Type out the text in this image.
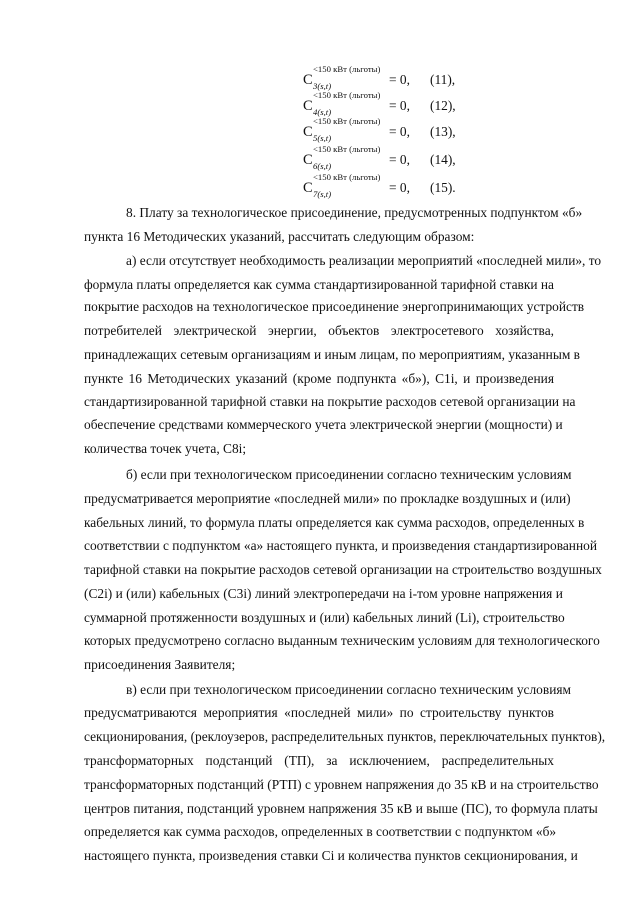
C
<150 кВт (льготы)
3(s,t)	= 0, (11),
C
<150 кВт (льготы)
4(s,t)	= 0, (12),
C
<150 кВт (льготы)
5(s,t)	= 0, (13),
C
<150 кВт (льготы)
6(s,t)	= 0, (14),
C
<150 кВт (льготы)
7(s,t)	= 0, (15).
8. Плату за технологическое присоединение, предусмотренных подпунктом «б»
пункта 16 Методических указаний, рассчитать следующим образом:
а) если отсутствует необходимость реализации мероприятий «последней мили», то
формула платы определяется как сумма стандартизированной тарифной ставки на
покрытие расходов на технологическое присоединение энергопринимающих устройств
потребителей электрической энергии, объектов электросетевого хозяйства,
принадлежащих сетевым организациям и иным лицам, по мероприятиям, указанным в
пункте 16 Методических указаний (кроме подпункта «б»), С1i, и произведения
стандартизированной тарифной ставки на покрытие расходов сетевой организации на
обеспечение средствами коммерческого учета электрической энергии (мощности) и
количества точек учета, С8i;
б) если при технологическом присоединении согласно техническим условиям
предусматривается мероприятие «последней мили» по прокладке воздушных и (или)
кабельных линий, то формула платы определяется как сумма расходов, определенных в
соответствии с подпунктом «а» настоящего пункта, и произведения стандартизированной
тарифной ставки на покрытие расходов сетевой организации на строительство воздушных
(С2i) и (или) кабельных (С3i) линий электропередачи на i-том уровне напряжения и
суммарной протяженности воздушных и (или) кабельных линий (Li), строительство
которых предусмотрено согласно выданным техническим условиям для технологического
присоединения Заявителя;
в) если при технологическом присоединении согласно техническим условиям
предусматриваются мероприятия «последней мили» по строительству пунктов
секционирования, (реклоузеров, распределительных пунктов, переключательных пунктов),
трансформаторных подстанций (ТП), за исключением, распределительных
трансформаторных подстанций (РТП) с уровнем напряжения до 35 кВ и на строительство
центров питания, подстанций уровнем напряжения 35 кВ и выше (ПС), то формула платы
определяется как сумма расходов, определенных в соответствии с подпунктом «б»
настоящего пункта, произведения ставки Сi и количества пунктов секционирования, и
